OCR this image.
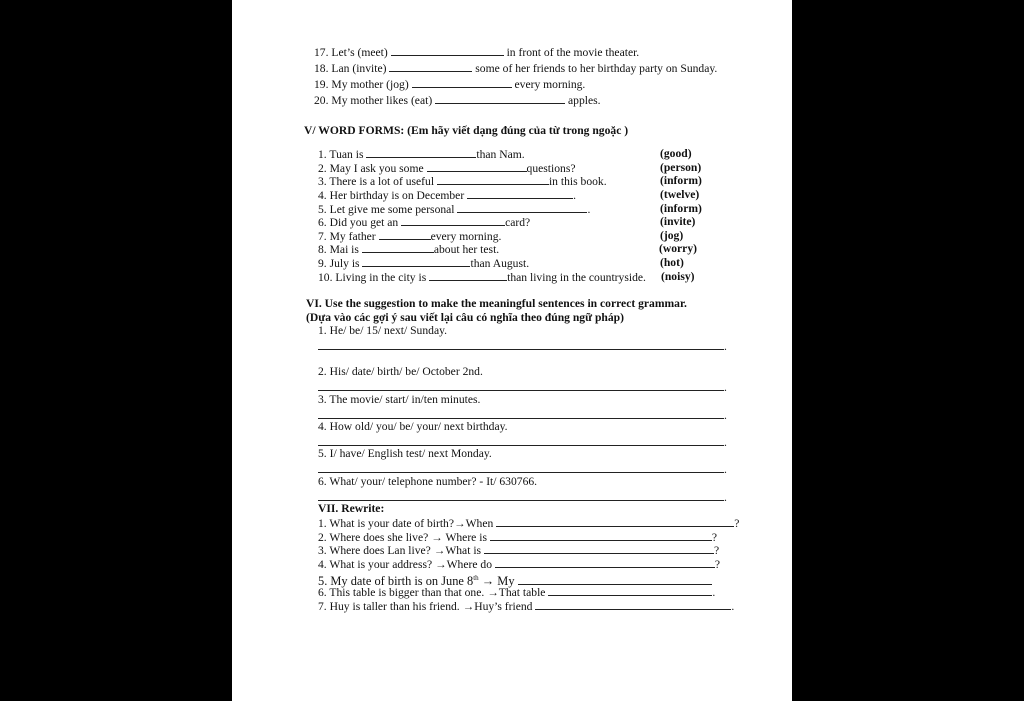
17. Let’s (meet)	in front of the movie theater.
18. Lan (invite)	some of her friends to her birthday party on Sunday.
19. My mother (jog)	every morning.
20. My mother likes (eat)	apples.
V/ WORD FORMS: (Em hãy viết dạng đúng của từ trong ngoặc )
1. Tuan is	than Nam.	(good)
2. May I ask you some	questions?	(person)
3. There is a lot of useful	in this book.	(inform)
4. Her birthday is on December	.	(twelve)
5. Let give me some personal	.	(inform)
6. Did you get an	card?	(invite)
7. My father	every morning.	(jog)
8. Mai is	about her test.	(worry)
9. July is	than August.	(hot)
10. Living in the city is	than living in the countryside. (noisy)
VI. Use the suggestion to make the meaningful sentences in correct grammar.
(Dựa vào các gợi ý sau viết lại câu có nghĩa theo đúng ngữ pháp)
1. He/ be/ 15/ next/ Sunday.
.
2. His/ date/ birth/ be/ October 2nd.
.
3. The movie/ start/ in/ten minutes.
.
4. How old/ you/ be/ your/ next birthday.
.
5. I/ have/ English test/ next Monday.
.
6. What/ your/ telephone number? - It/ 630766.
.
VII. Rewrite:
1. What is your date of birth?→When	?
2. Where does she live? → Where is	?
3. Where does Lan live? →What is	?
4. What is your address? →Where do	?
5. My date of birth is on June 8th → My
6. This table is bigger than that one. →That table	.
7. Huy is taller than his friend. →Huy’s friend	.
